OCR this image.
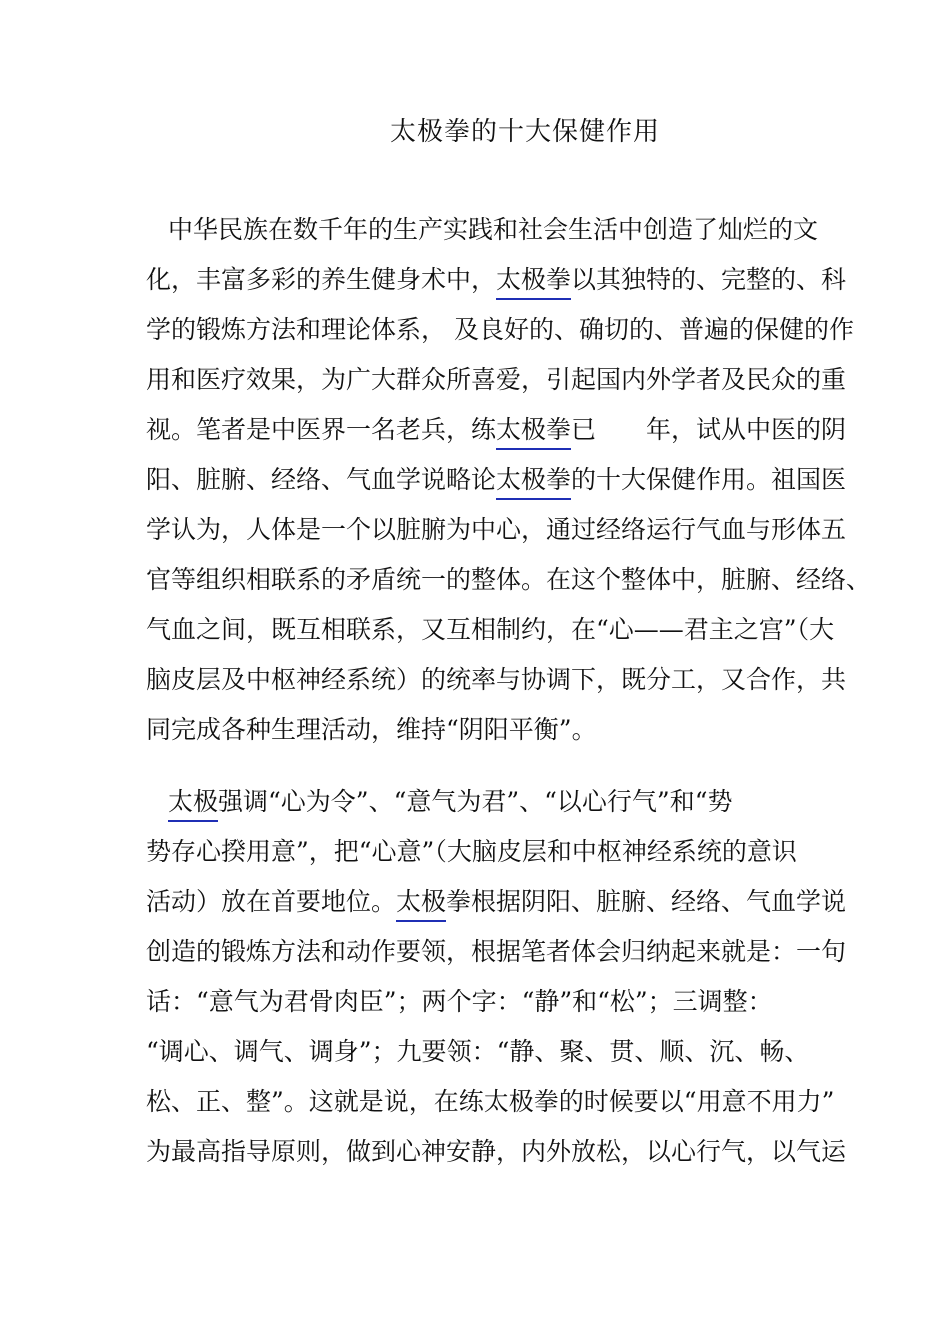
太极拳的十大保健作用
中华民族在数千年的生产实践和社会生活中创造了灿烂的文
化，丰富多彩的养生健身术中， 太极拳 以其独特的、完整的、科
学的锻炼方法和理论体系， 及良好的、确切的、普遍的保健的作
用和医疗效果，为广大群众所喜爱，引起国内外学者及民众的重
视。笔者是中医界一名老兵，练 太极拳 已　　年，试从中医的阴
阳、脏腑、经络、气血学说略论 太极拳 的十大保健作用。祖国医
学认为，人体是一个以脏腑为中心，通过经络运行气血与形体五
官等组织相联系的矛盾统一的整体。在这个整体中，脏腑、经络、
气血之间，既互相联系，又互相制约，在“心——君主之宫”（大
脑皮层及中枢神经系统）的统率与协调下，既分工，又合作，共
同完成各种生理活动，维持“阴阳平衡”。
太极 强调“心为令”、“意气为君”、“以心行气”和“势
势存心揆用意”，把“心意”（大脑皮层和中枢神经系统的意识
活动）放在首要地位。 太极 拳根据阴阳、脏腑、经络、气血学说
创造的锻炼方法和动作要领，根据笔者体会归纳起来就是：一句
话：“意气为君骨肉臣”；两个字：“静”和“松”；三调整：
“调心、调气、调身”；九要领：“静、聚、贯、顺、沉、畅、
松、正、整”。这就是说，在练太极拳的时候要以“用意不用力”
为最高指导原则，做到心神安静，内外放松，以心行气，以气运
